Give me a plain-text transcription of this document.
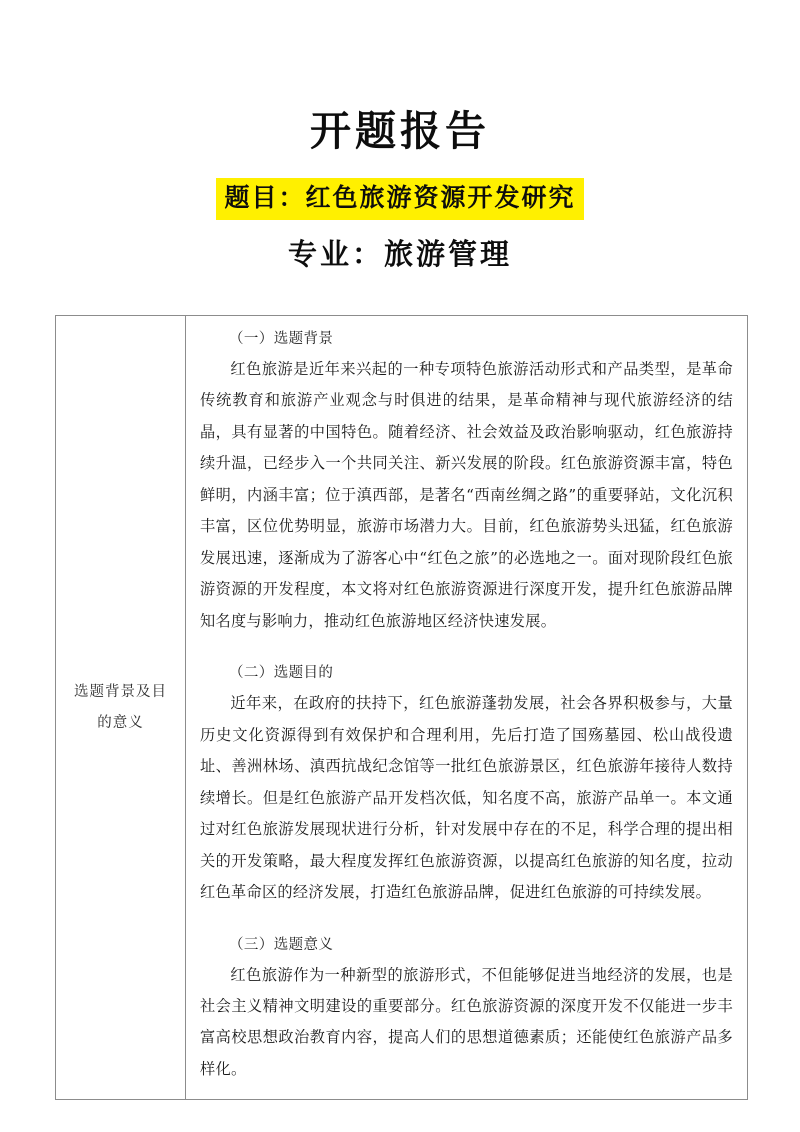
开题报告
题目：红色旅游资源开发研究
专业：旅游管理
选题背景及目
的意义

（一）选题背景

红色旅游是近年来兴起的一种专项特色旅游活动形式和产品类型，是革命传统教育和旅游产业观念与时俱进的结果，是革命精神与现代旅游经济的结晶，具有显著的中国特色。随着经济、社会效益及政治影响驱动，红色旅游持续升温，已经步入一个共同关注、新兴发展的阶段。红色旅游资源丰富，特色鲜明，内涵丰富；位于滇西部，是著名“西南丝绸之路”的重要驿站，文化沉积丰富，区位优势明显，旅游市场潜力大。目前，红色旅游势头迅猛，红色旅游发展迅速，逐渐成为了游客心中“红色之旅”的必选地之一。面对现阶段红色旅游资源的开发程度，本文将对红色旅游资源进行深度开发，提升红色旅游品牌知名度与影响力，推动红色旅游地区经济快速发展。

（二）选题目的

近年来，在政府的扶持下，红色旅游蓬勃发展，社会各界积极参与，大量历史文化资源得到有效保护和合理利用，先后打造了国殇墓园、松山战役遗址、善洲林场、滇西抗战纪念馆等一批红色旅游景区，红色旅游年接待人数持续增长。但是红色旅游产品开发档次低，知名度不高，旅游产品单一。本文通过对红色旅游发展现状进行分析，针对发展中存在的不足，科学合理的提出相关的开发策略，最大程度发挥红色旅游资源，以提高红色旅游的知名度，拉动红色革命区的经济发展，打造红色旅游品牌，促进红色旅游的可持续发展。

（三）选题意义

红色旅游作为一种新型的旅游形式，不但能够促进当地经济的发展，也是社会主义精神文明建设的重要部分。红色旅游资源的深度开发不仅能进一步丰富高校思想政治教育内容，提高人们的思想道德素质；还能使红色旅游产品多样化。
